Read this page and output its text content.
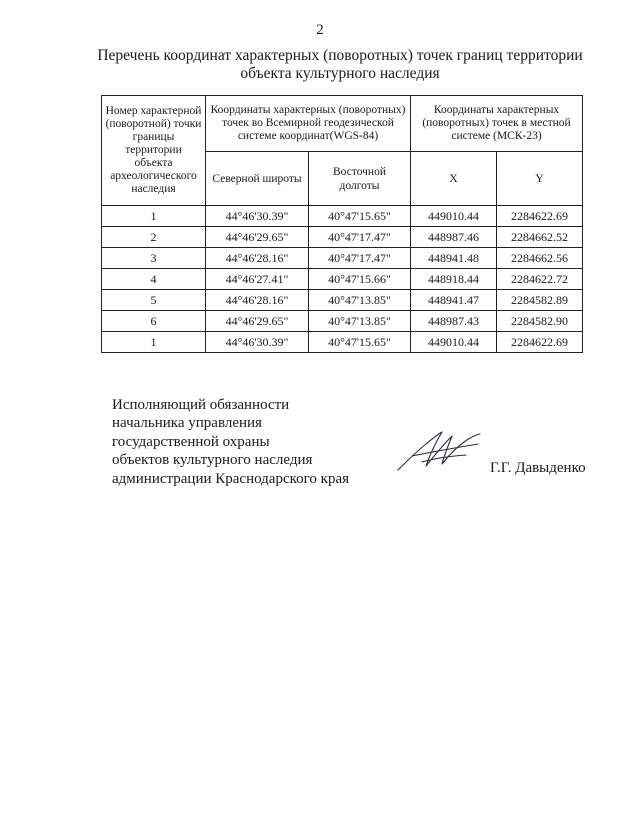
2
Перечень координат характерных (поворотных) точек границ территории
объекта культурного наследия
Номер характерной (поворотной) точки границы территории объекта археологического наследия	Координаты характерных (поворотных) точек во Всемирной геодезической системе координат(WGS-84)		Координаты характерных (поворотных) точек в местной системе (МСК-23)	
	Северной широты	Восточной долготы	X	Y
1	44°46'30.39"	40°47'15.65"	449010.44	2284622.69
2	44°46'29.65"	40°47'17.47"	448987.46	2284662.52
3	44°46'28.16"	40°47'17.47"	448941.48	2284662.56
4	44°46'27.41"	40°47'15.66"	448918.44	2284622.72
5	44°46'28.16"	40°47'13.85"	448941.47	2284582.89
6	44°46'29.65"	40°47'13.85"	448987.43	2284582.90
1	44°46'30.39"	40°47'15.65"	449010.44	2284622.69
Исполняющий обязанности
начальника управления
государственной охраны
объектов культурного наследия
администрации Краснодарского края
Г.Г. Давыденко
